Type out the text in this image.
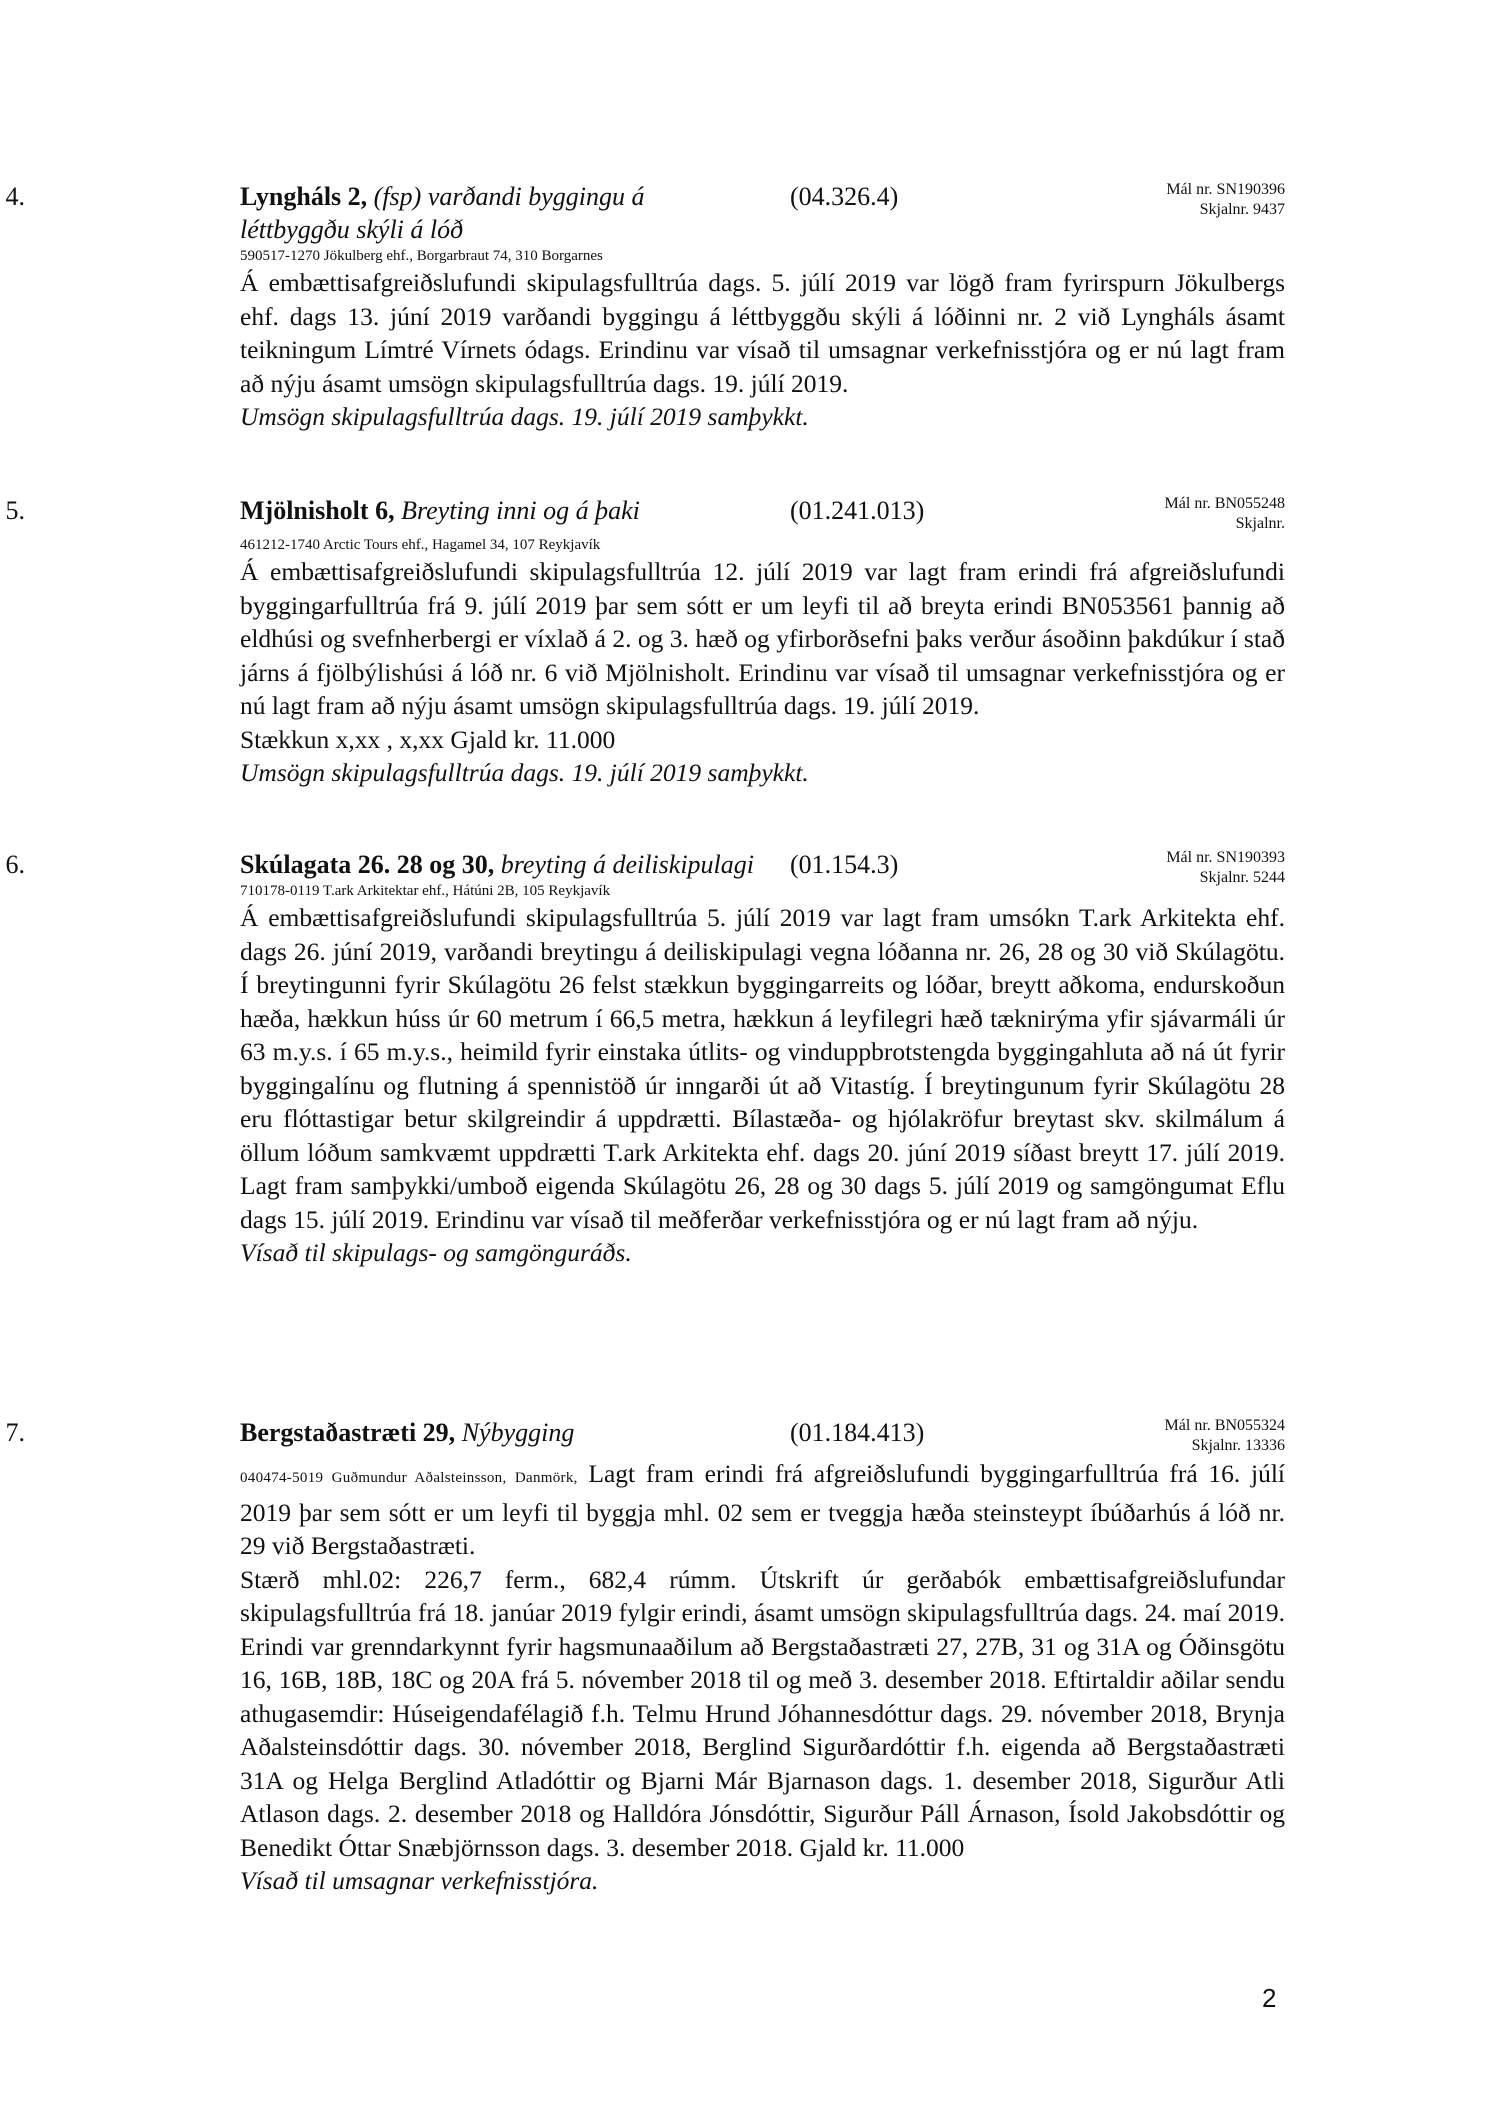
4.	Lyngháls 2, (fsp) varðandi byggingu á léttbyggðu skýli á lóð
(04.326.4)	Mál nr. SN190396
Skjalnr. 9437
590517-1270 Jökulberg ehf., Borgarbraut 74, 310 Borgarnes

Á embættisafgreiðslufundi skipulagsfulltrúa dags. 5. júlí 2019 var lögð fram fyrirspurn Jökulbergs ehf. dags 13. júní 2019 varðandi byggingu á léttbyggðu skýli á lóðinni nr. 2 við Lyngháls ásamt teikningum Límtré Vírnets ódags. Erindinu var vísað til umsagnar verkefnisstjóra og er nú lagt fram að nýju ásamt umsögn skipulagsfulltrúa dags. 19. júlí 2019.

Umsögn skipulagsfulltrúa dags. 19. júlí 2019 samþykkt.
5.	Mjölnisholt 6, Breyting inni og á þaki	(01.241.013)	Mál nr. BN055248
Skjalnr.
461212-1740 Arctic Tours ehf., Hagamel 34, 107 Reykjavík

Á embættisafgreiðslufundi skipulagsfulltrúa 12. júlí 2019 var lagt fram erindi frá afgreiðslufundi byggingarfulltrúa frá 9. júlí 2019 þar sem sótt er um leyfi til að breyta erindi BN053561 þannig að eldhúsi og svefnherbergi er víxlað á 2. og 3. hæð og yfirborðsefni þaks verður ásoðinn þakdúkur í stað járns á fjölbýlishúsi á lóð nr. 6 við Mjölnisholt. Erindinu var vísað til umsagnar verkefnisstjóra og er nú lagt fram að nýju ásamt umsögn skipulagsfulltrúa dags. 19. júlí 2019.

Stækkun x,xx , x,xx Gjald kr. 11.000
Umsögn skipulagsfulltrúa dags. 19. júlí 2019 samþykkt.
6.	Skúlagata 26. 28 og 30, breyting á deiliskipulagi (01.154.3)	Mál nr. SN190393
Skjalnr. 5244
710178-0119 T.ark Arkitektar ehf., Hátúni 2B, 105 Reykjavík

Á embættisafgreiðslufundi skipulagsfulltrúa 5. júlí 2019 var lagt fram umsókn T.ark Arkitekta ehf. dags 26. júní 2019, varðandi breytingu á deiliskipulagi vegna lóðanna nr. 26, 28 og 30 við Skúlagötu. Í breytingunni fyrir Skúlagötu 26 felst stækkun byggingarreits og lóðar, breytt aðkoma, endurskoðun hæða, hækkun húss úr 60 metrum í 66,5 metra, hækkun á leyfilegri hæð tæknirýma yfir sjávarmáli úr 63 m.y.s. í 65 m.y.s., heimild fyrir einstaka útlits- og vinduppbrotstengda byggingahluta að ná út fyrir byggingalínu og flutning á spennistöð úr inngarði út að Vitastíg. Í breytingunum fyrir Skúlagötu 28 eru flóttastigar betur skilgreindir á uppdrætti. Bílastæða- og hjólakröfur breytast skv. skilmálum á öllum lóðum samkvæmt uppdrætti T.ark Arkitekta ehf. dags 20. júní 2019 síðast breytt 17. júlí 2019. Lagt fram samþykki/umboð eigenda Skúlagötu 26, 28 og 30 dags 5. júlí 2019 og samgöngumat Eflu dags 15. júlí 2019. Erindinu var vísað til meðferðar verkefnisstjóra og er nú lagt fram að nýju.

Vísað til skipulags- og samgönguráðs.
7.	Bergstaðastræti 29, Nýbygging	(01.184.413)	Mál nr. BN055324
Skjalnr. 13336
040474-5019 Guðmundur Aðalsteinsson, Danmörk, Lagt fram erindi frá afgreiðslufundi byggingarfulltrúa frá 16. júlí 2019 þar sem sótt er um leyfi til byggja mhl. 02 sem er tveggja hæða steinsteypt íbúðarhús á lóð nr. 29 við Bergstaðastræti.
Stærð mhl.02: 226,7 ferm., 682,4 rúmm. Útskrift úr gerðabók embættisafgreiðslufundar skipulagsfulltrúa frá 18. janúar 2019 fylgir erindi, ásamt umsögn skipulagsfulltrúa dags. 24. maí 2019. Erindi var grenndarkynnt fyrir hagsmunaaðilum að Bergstaðastræti 27, 27B, 31 og 31A og Óðinsgötu 16, 16B, 18B, 18C og 20A frá 5. nóvember 2018 til og með 3. desember 2018. Eftirtaldir aðilar sendu athugasemdir: Húseigendafélagið f.h. Telmu Hrund Jóhannesdóttur dags. 29. nóvember 2018, Brynja Aðalsteinsdóttir dags. 30. nóvember 2018, Berglind Sigurðardóttir f.h. eigenda að Bergstaðastræti 31A og Helga Berglind Atladóttir og Bjarni Már Bjarnason dags. 1. desember 2018, Sigurður Atli Atlason dags. 2. desember 2018 og Halldóra Jónsdóttir, Sigurður Páll Árnason, Ísold Jakobsdóttir og Benedikt Óttar Snæbjörnsson dags. 3. desember 2018. Gjald kr. 11.000
Vísað til umsagnar verkefnisstjóra.
2
